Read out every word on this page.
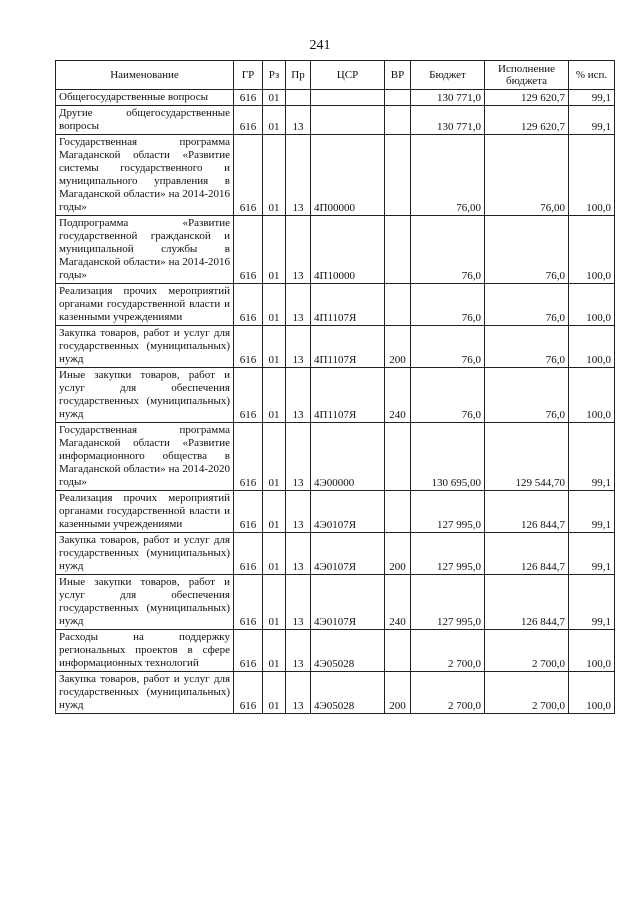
241
Наименование	ГР	Рз	Пр	ЦСР	ВР	Бюджет	Исполнение бюджета	% исп.
Общегосударственные вопросы	616	01				130 771,0	129 620,7	99,1
Другие общегосударственные вопросы	616	01	13			130 771,0	129 620,7	99,1
Государственная программа Магаданской области «Развитие системы государственного и муниципального управления в Магаданской области» на 2014-2016 годы»	616	01	13	4П00000		76,00	76,00	100,0
Подпрограмма «Развитие государственной гражданской и муниципальной службы в Магаданской области» на 2014-2016 годы»	616	01	13	4П10000		76,0	76,0	100,0
Реализация прочих мероприятий органами государственной власти и казенными учреждениями	616	01	13	4П1107Я		76,0	76,0	100,0
Закупка товаров, работ и услуг для государственных (муниципальных) нужд	616	01	13	4П1107Я	200	76,0	76,0	100,0
Иные закупки товаров, работ и услуг для обеспечения государственных (муниципальных) нужд	616	01	13	4П1107Я	240	76,0	76,0	100,0
Государственная программа Магаданской области «Развитие информационного общества в Магаданской области» на 2014-2020 годы»	616	01	13	4Э00000		130 695,00	129 544,70	99,1
Реализация прочих мероприятий органами государственной власти и казенными учреждениями	616	01	13	4Э0107Я		127 995,0	126 844,7	99,1
Закупка товаров, работ и услуг для государственных (муниципальных) нужд	616	01	13	4Э0107Я	200	127 995,0	126 844,7	99,1
Иные закупки товаров, работ и услуг для обеспечения государственных (муниципальных) нужд	616	01	13	4Э0107Я	240	127 995,0	126 844,7	99,1
Расходы на поддержку региональных проектов в сфере информационных технологий	616	01	13	4Э05028		2 700,0	2 700,0	100,0
Закупка товаров, работ и услуг для государственных (муниципальных) нужд	616	01	13	4Э05028	200	2 700,0	2 700,0	100,0
